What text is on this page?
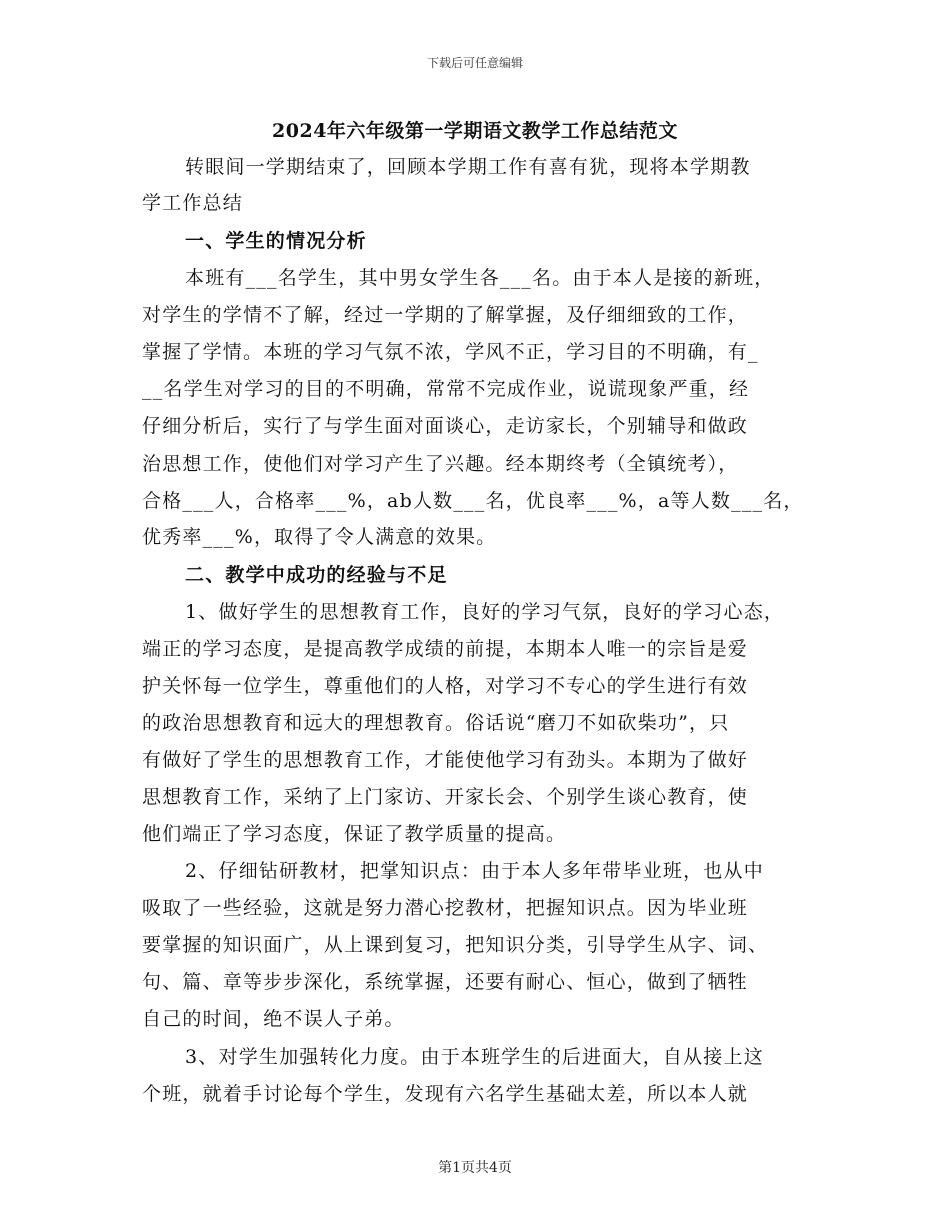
下载后可任意编辑
2024年六年级第一学期语文教学工作总结范文
转眼间一学期结束了，回顾本学期工作有喜有犹，现将本学期教
学工作总结
一、学生的情况分析
本班有___名学生，其中男女学生各___名。由于本人是接的新班，
对学生的学情不了解，经过一学期的了解掌握，及仔细细致的工作，
掌握了学情。本班的学习气氛不浓，学风不正，学习目的不明确，有_
__名学生对学习的目的不明确，常常不完成作业，说谎现象严重，经
仔细分析后，实行了与学生面对面谈心，走访家长，个别辅导和做政
治思想工作，使他们对学习产生了兴趣。经本期终考（全镇统考），
合格___人，合格率___%，ab人数___名，优良率___%，a等人数___名，
优秀率___%，取得了令人满意的效果。
二、教学中成功的经验与不足
1、做好学生的思想教育工作，良好的学习气氛，良好的学习心态，
端正的学习态度，是提高教学成绩的前提，本期本人唯一的宗旨是爱
护关怀每一位学生，尊重他们的人格，对学习不专心的学生进行有效
的政治思想教育和远大的理想教育。俗话说“磨刀不如砍柴功”，只
有做好了学生的思想教育工作，才能使他学习有劲头。本期为了做好
思想教育工作，采纳了上门家访、开家长会、个别学生谈心教育，使
他们端正了学习态度，保证了教学质量的提高。
2、仔细钻研教材，把掌知识点：由于本人多年带毕业班，也从中
吸取了一些经验，这就是努力潜心挖教材，把握知识点。因为毕业班
要掌握的知识面广，从上课到复习，把知识分类，引导学生从字、词、
句、篇、章等步步深化，系统掌握，还要有耐心、恒心，做到了牺牲
自己的时间，绝不误人子弟。
3、对学生加强转化力度。由于本班学生的后进面大，自从接上这
个班，就着手讨论每个学生，发现有六名学生基础太差，所以本人就
第1页共4页
